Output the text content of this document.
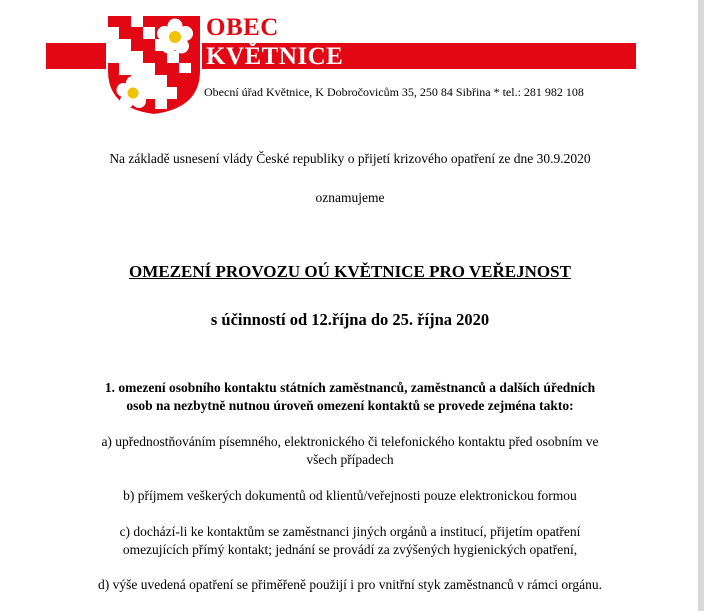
OBEC
KVĚTNICE
Obecní úřad Květnice, K Dobročovicům 35, 250 84 Sibřina * tel.: 281 982 108
Na základě usnesení vlády České republiky o přijetí krizového opatření ze dne 30.9.2020
oznamujeme
OMEZENÍ PROVOZU OÚ KVĚTNICE PRO VEŘEJNOST
s účinností od 12.října do 25. října 2020
1. omezení osobního kontaktu státních zaměstnanců, zaměstnanců a dalších úředních
osob na nezbytně nutnou úroveň omezení kontaktů se provede zejména takto:
a) upřednostňováním písemného, elektronického či telefonického kontaktu před osobním ve
všech případech
b) příjmem veškerých dokumentů od klientů/veřejnosti pouze elektronickou formou
c) dochází-li ke kontaktům se zaměstnanci jiných orgánů a institucí, přijetím opatření
omezujících přímý kontakt; jednání se provádí za zvýšených hygienických opatření,
d) výše uvedená opatření se přiměřeně použijí i pro vnitřní styk zaměstnanců v rámci orgánu.
